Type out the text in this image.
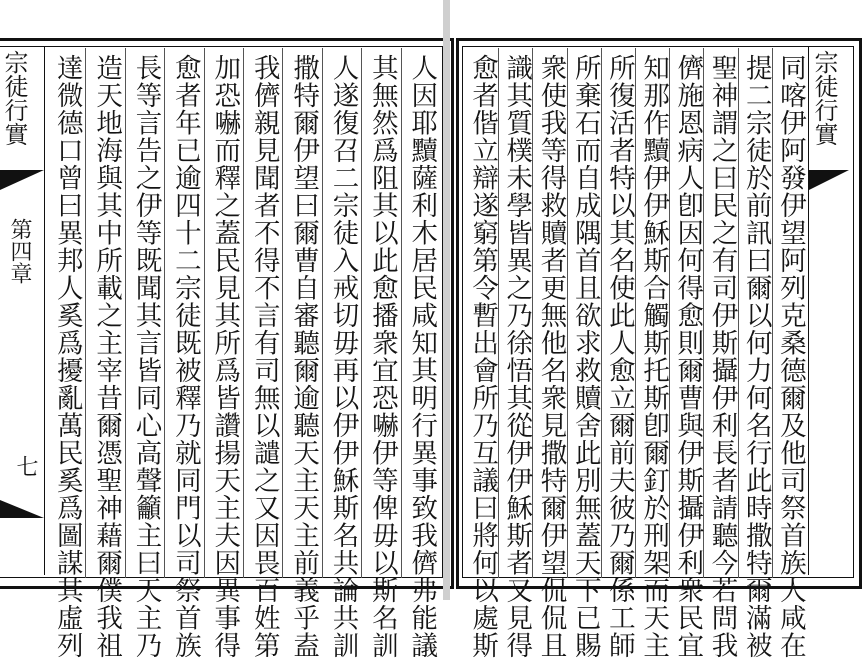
宗徒行實
第四章
七	人因耶黷薩利木居民咸知其明行異事致我儕弗能議
其無然爲阻其以此愈播衆宜恐嚇伊等俾毋以斯名訓
人遂復召二宗徒入戒切毋再以伊伊穌斯名共論共訓
撒特爾伊望曰爾曹自審聽爾逾聽天主天主前義乎盍
我儕親見聞者不得不言有司無以譴之又因畏百姓第
加恐嚇而釋之蓋民見其所爲皆讚揚天主夫因異事得
愈者年已逾四十二宗徒既被釋乃就同門以司祭首族
長等言告之伊等既聞其言皆同心高聲籲主曰天主乃
造天地海與其中所載之主宰昔爾憑聖神藉爾僕我祖
達微德口曾曰異邦人奚爲擾亂萬民奚爲圖謀其虛列	宗徒行實
同喀伊阿發伊望阿列克桑德爾及他司祭首族人咸在
提二宗徒於前訊曰爾以何力何名行此時撒特爾滿被
聖神謂之曰民之有司伊斯攝伊利長者請聽今若問我
儕施恩病人卽因何得愈則爾曹與伊斯攝伊利衆民宜
知那作黷伊伊穌斯合觸斯托斯卽爾釘於刑架而天主
所復活者特以其名使此人愈立爾前夫彼乃爾係工師
所棄石而自成隅首且欲求救贖舍此別無蓋天下已賜
衆使我等得救贖者更無他名衆見撒特爾伊望侃侃且
識其質樸未學皆異之乃徐悟其從伊伊穌斯者又見得
愈者偕立辯遂窮第令暫出會所乃互議曰將何以處斯
